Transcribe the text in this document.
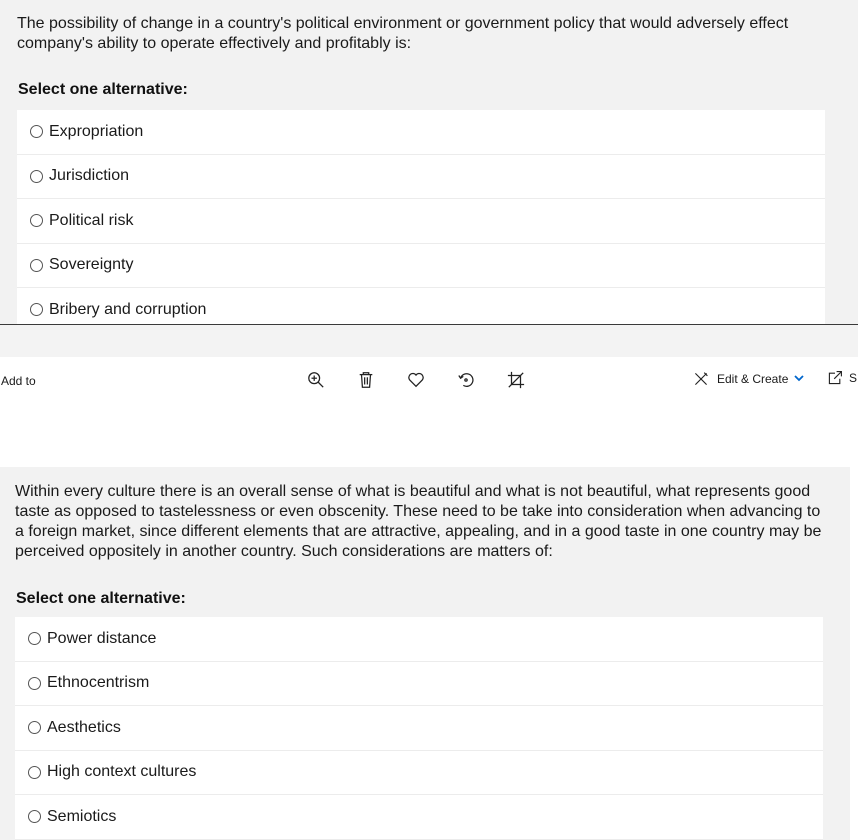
The possibility of change in a country's political environment or government policy that would adversely effect company's ability to operate effectively and profitably is:

Select one alternative:
Expropriation
Jurisdiction
Political risk
Sovereignty
Bribery and corruption
Add to	Edit & Create	S

Within every culture there is an overall sense of what is beautiful and what is not beautiful, what represents good taste as opposed to tastelessness or even obscenity. These need to be take into consideration when advancing to a foreign market, since different elements that are attractive, appealing, and in a good taste in one country may be perceived oppositely in another country. Such considerations are matters of:

Select one alternative:
Power distance
Ethnocentrism
Aesthetics
High context cultures
Semiotics
